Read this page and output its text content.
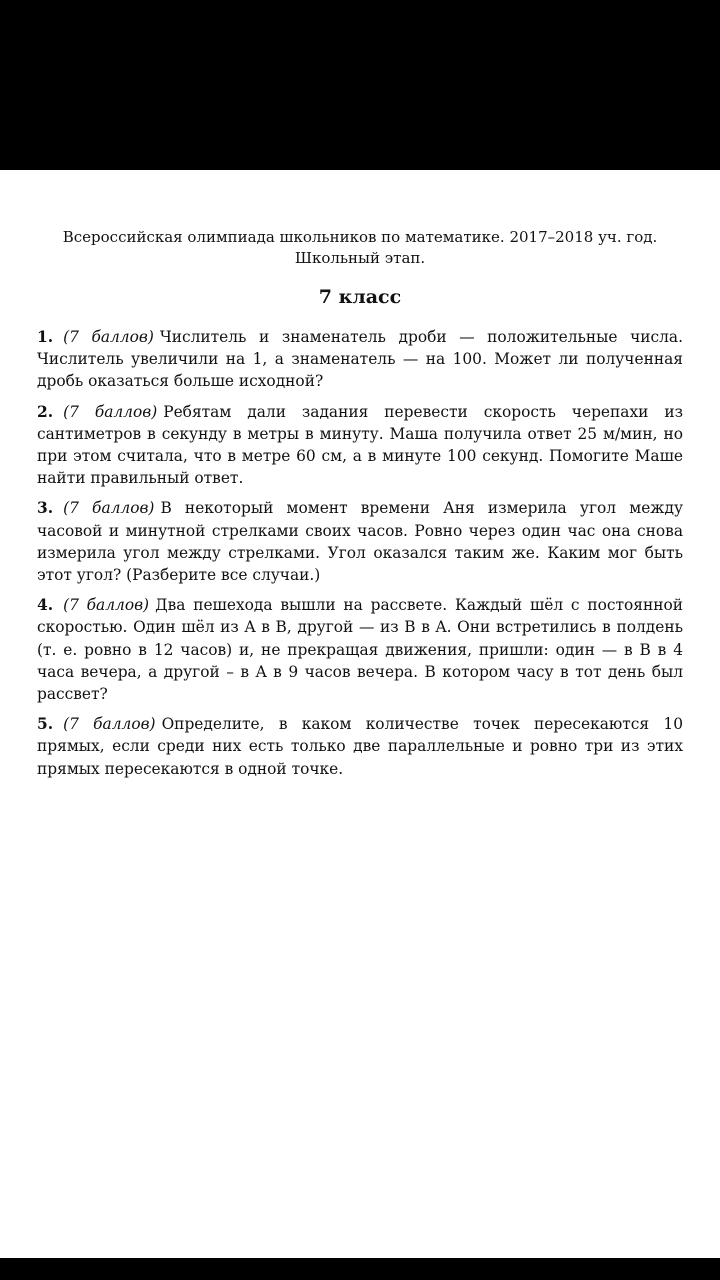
Всероссийская олимпиада школьников по математике. 2017–2018 уч. год.
Школьный этап.
7 класс
1. (7 баллов) Числитель и знаменатель дроби — положительные числа. Числитель увеличили на 1, а знаменатель — на 100. Может ли полученная дробь оказаться больше исходной?
2. (7 баллов) Ребятам дали задания перевести скорость черепахи из сантиметров в секунду в метры в минуту. Маша получила ответ 25 м/мин, но при этом считала, что в метре 60 см, а в минуте 100 секунд. Помогите Маше найти правильный ответ.
3. (7 баллов) В некоторый момент времени Аня измерила угол между часовой и минутной стрелками своих часов. Ровно через один час она снова измерила угол между стрелками. Угол оказался таким же. Каким мог быть этот угол? (Разберите все случаи.)
4. (7 баллов) Два пешехода вышли на рассвете. Каждый шёл с постоянной скоростью. Один шёл из A в B, другой — из B в A. Они встретились в полдень (т. е. ровно в 12 часов) и, не прекращая движения, пришли: один — в B в 4 часа вечера, а другой – в A в 9 часов вечера. В котором часу в тот день был рассвет?
5. (7 баллов) Определите, в каком количестве точек пересекаются 10 прямых, если среди них есть только две параллельные и ровно три из этих прямых пересекаются в одной точке.
